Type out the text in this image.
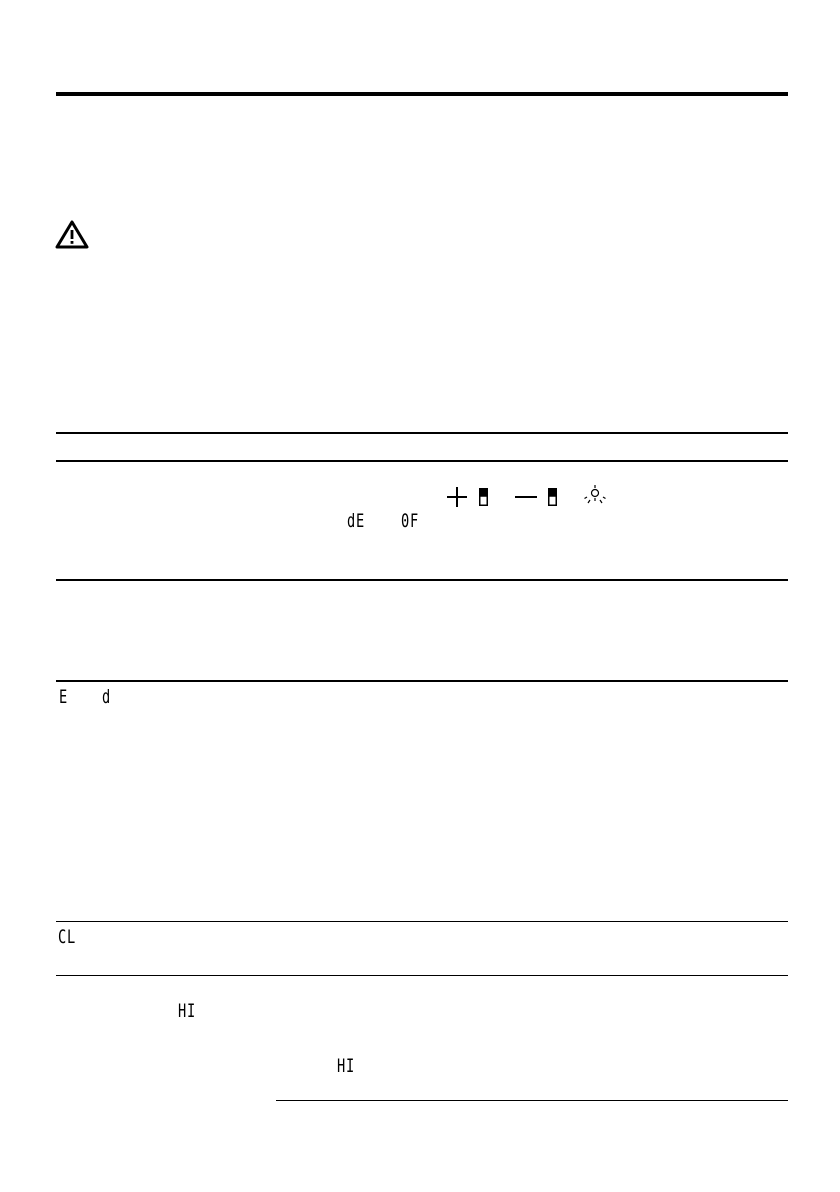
dE 0F
E d
CL
HI
HI
